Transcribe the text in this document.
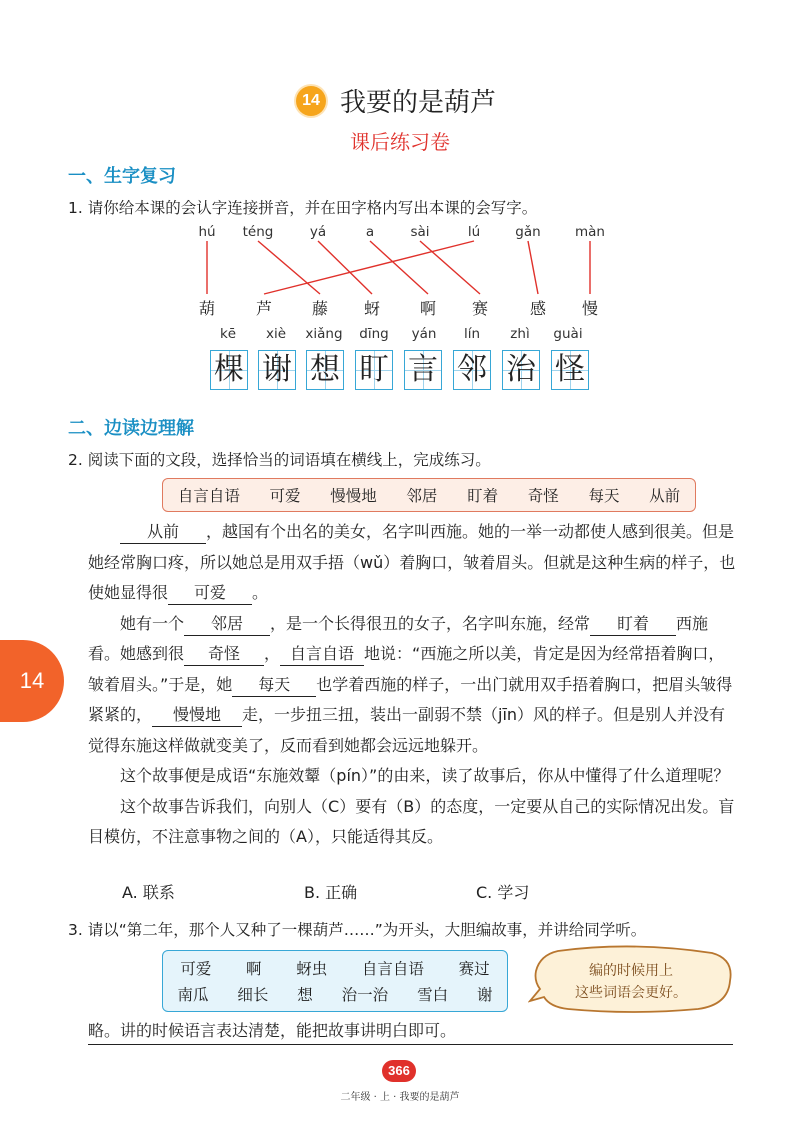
14 我要的是葫芦
课后练习卷
一、生字复习
1. 请你给本课的会认字连接拼音，并在田字格内写出本课的会写字。
hú	téng	yá	a	sài	lú	gǎn	màn
葫	芦	藤	蚜	啊	赛	感	慢
kē	xiè	xiǎng	dīng	yán	lín	zhì	guài
棵 谢 想 盯 言 邻 治 怪
二、边读边理解
2. 阅读下面的文段，选择恰当的词语填在横线上，完成练习。
自言自语 可爱 慢慢地 邻居 盯着 奇怪 每天 从前

从前 ，越国有个出名的美女，名字叫西施。她的一举一动都使人感到很美。但是她经常胸口疼，所以她总是用双手捂（wǔ）着胸口，皱着眉头。但就是这种生病的样子，也使她显得很 可爱 。

她有一个 邻居 ，是一个长得很丑的女子，名字叫东施，经常 盯着 西施看。她感到很 奇怪 ， 自言自语 地说：“西施之所以美，肯定是因为经常捂着胸口，皱着眉头。”于是，她 每天 也学着西施的样子，一出门就用双手捂着胸口，把眉头皱得紧紧的， 慢慢地 走，一步扭三扭，装出一副弱不禁（jīn）风的样子。但是别人并没有觉得东施这样做就变美了，反而看到她都会远远地躲开。

这个故事便是成语“东施效颦（pín）”的由来，读了故事后，你从中懂得了什么道理呢？

这个故事告诉我们，向别人（C）要有（B）的态度，一定要从自己的实际情况出发。盲目模仿，不注意事物之间的（A），只能适得其反。

A. 联系	B. 正确	C. 学习
3. 请以“第二年，那个人又种了一棵葫芦……”为开头，大胆编故事，并讲给同学听。
可爱 啊 蚜虫 自言自语 赛过
南瓜 细长 想 治一治 雪白 谢
编的时候用上
这些词语会更好。
略。讲的时候语言表达清楚，能把故事讲明白即可。
14
366
二年级 · 上 · 我要的是葫芦
